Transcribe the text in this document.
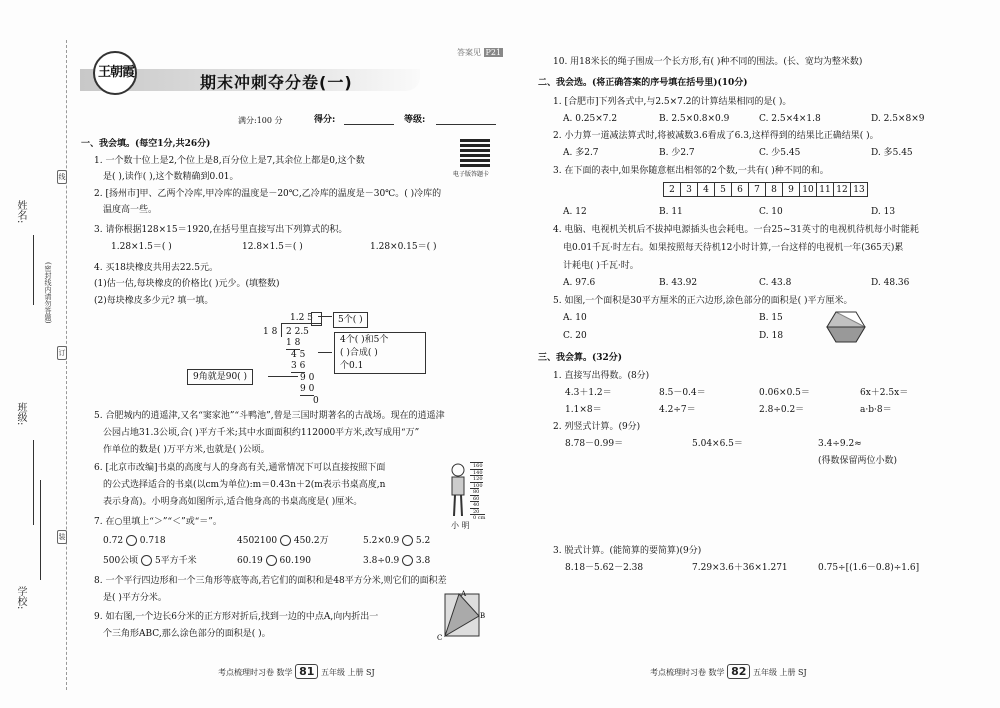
姓名:
(密封线内请勿答题)
班级:
学校:
线
订
装
王朝霞
答案见 P21
期末冲刺夺分卷(一)
满分:100 分	得分:	等级:
电子版答题卡
一、我会填。(每空1分,共26分)
1. 一个数十位上是2,个位上是8,百分位上是7,其余位上都是0,这个数
是( ),读作( ),这个数精确到0.01。
2. [扬州市]甲、乙两个冷库,甲冷库的温度是－20℃,乙冷库的温度是－30℃。( )冷库的
温度高一些。
3. 请你根据128×15＝1920,在括号里直接写出下列算式的积。
1.28×1.5＝( )	12.8×1.5＝( )	1.28×0.15＝( )
4. 买18块橡皮共用去22.5元。
(1)估一估,每块橡皮的价格比( )元少。(填整数)
(2)每块橡皮多少元? 填一填。
1 8
1.2 5
2 2.5
1 8
4 5
3 6
9 0
9 0
0
5个( )
4个( )和5个
( )合成( )
个0.1
9角就是90( )
5. 合肥城内的逍遥津,又名“窦家池”“斗鸭池”,曾是三国时期著名的古战场。现在的逍遥津
公园占地31.3公顷,合( )平方千米;其中水面面积约112000平方米,改写成用“万”
作单位的数是( )万平方米,也就是( )公顷。
6. [北京市改编]书桌的高度与人的身高有关,通常情况下可以直接按照下面
的公式选择适合的书桌(以cm为单位):m＝0.43n＋2(m表示书桌高度,n
表示身高)。小明身高如图所示,适合他身高的书桌高度是( )厘米。
160
140
120
100
80
60
40
20
0 cm
小 明
7. 在○里填上“＞”“＜”或“＝”。
0.72 0.718	4502100 450.2万	5.2×0.9 5.2
500公顷 5平方千米	60.19 60.190	3.8÷0.9 3.8
8. 一个平行四边形和一个三角形等底等高,若它们的面积和是48平方分米,则它们的面积差
是( )平方分米。
9. 如右图,一个边长6分米的正方形对折后,找到一边的中点A,向内折出一
个三角形ABC,那么涂色部分的面积是( )。
A
B
C
考点梳理时习卷 数学 81 五年级 上册 SJ
10. 用18米长的绳子围成一个长方形,有( )种不同的围法。(长、宽均为整米数)
二、我会选。(将正确答案的序号填在括号里)(10分)
1. [合肥市]下列各式中,与2.5×7.2的计算结果相同的是( )。
A. 0.25×7.2	B. 2.5×0.8×0.9	C. 2.5×4×1.8	D. 2.5×8×9
2. 小力算一道减法算式时,将被减数3.6看成了6.3,这样得到的结果比正确结果( )。
A. 多2.7	B. 少2.7	C. 少5.45	D. 多5.45
3. 在下面的表中,如果你随意框出相邻的2个数,一共有( )种不同的和。
2	3	4	5	6	7	8	9	10	11	12	13
A. 12	B. 11	C. 10	D. 13
4. 电脑、电视机关机后不拔掉电源插头也会耗电。一台25~31英寸的电视机待机每小时能耗
电0.01千瓦·时左右。如果按照每天待机12小时计算,一台这样的电视机一年(365天)累
计耗电( )千瓦·时。
A. 97.6	B. 43.92	C. 43.8	D. 48.36
5. 如图,一个面积是30平方厘米的正六边形,涂色部分的面积是( )平方厘米。
A. 10	B. 15
C. 20	D. 18
三、我会算。(32分)
1. 直接写出得数。(8分)
4.3＋1.2＝	8.5－0.4＝	0.06×0.5＝	6x＋2.5x＝
1.1×8＝	4.2÷7＝	2.8÷0.2＝	a·b·8＝
2. 列竖式计算。(9分)
8.78－0.99＝	5.04×6.5＝	3.4÷9.2≈
(得数保留两位小数)
3. 脱式计算。(能简算的要简算)(9分)
8.18－5.62－2.38	7.29×3.6＋36×1.271	0.75÷[(1.6－0.8)÷1.6]
考点梳理时习卷 数学 82 五年级 上册 SJ
